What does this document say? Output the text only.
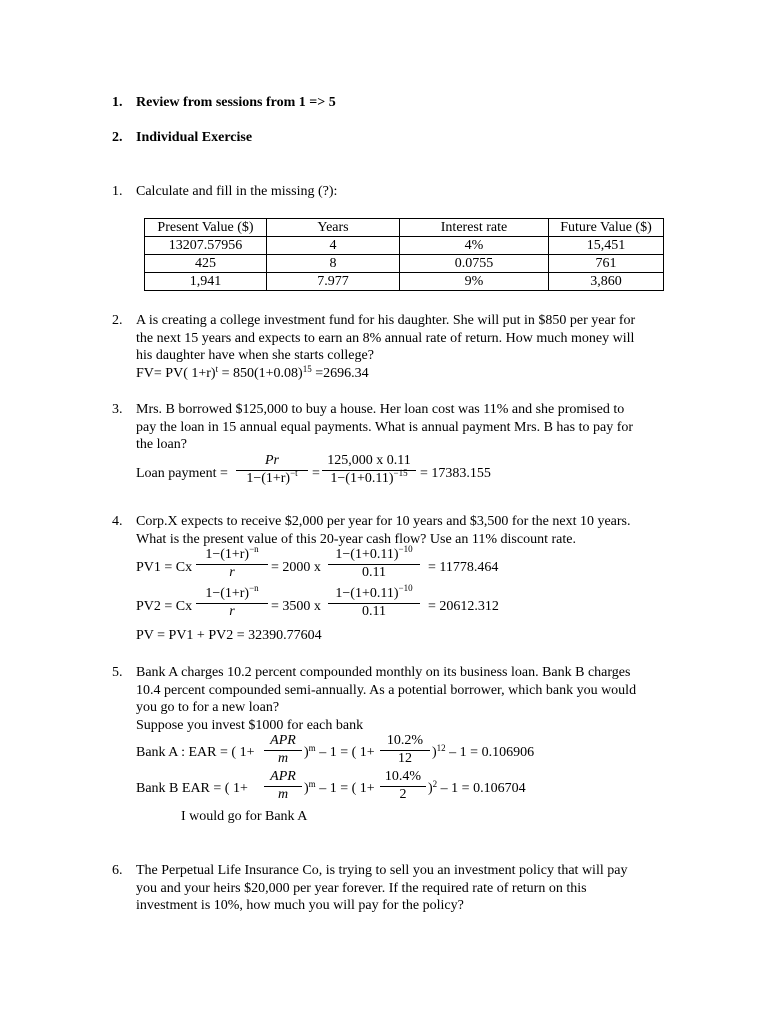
1. Review from sessions from 1 => 5
2. Individual Exercise
1. Calculate and fill in the missing (?):
Present Value ($)	Years	Interest rate	Future Value ($)
13207.57956	4	4%	15,451
425	8	0.0755	761
1,941	7.977	9%	3,860
2. A is creating a college investment fund for his daughter. She will put in $850 per year for
the next 15 years and expects to earn an 8% annual rate of return. How much money will
his daughter have when she starts college?
FV= PV( $1+r)^t = 850(1+0.08)^{15} =2696.34$
3. Mrs. B borrowed $125,000 to buy a house. Her loan cost was 11% and she promised to
pay the loan in 15 annual equal payments. What is annual payment Mrs. B has to pay for
the loan?
Loan payment =
Pr
$1-(1+r)^{-t}$	=
125,000 x 0.11
$1-(1+0.11)^{-15} = 17383.155$
4. Corp.X expects to receive $2,000 per year for 10 years and $3,500 for the next 10 years.
What is the present value of this 20-year cash flow? Use an 11% discount rate.
PV1 = Cx
$1-(1+r)^{-n}$
r	= 2000 x
$1-(1+0.11)^{-10}$
0.11	= 11778.464
PV2 = Cx
$1-(1+r)^{-n}$
r	= 3500 x
$1-(1+0.11)^{-10}$
0.11	= 20612.312
PV = PV1 + PV2 = 32390.77604
5. Bank A charges 10.2 percent compounded monthly on its business loan. Bank B charges
10.4 percent compounded semi-annually. As a potential borrower, which bank you would
you go to for a new loan?
Suppose you invest $1000 for each bank
Bank A : EAR = ( 1+
APR
m	)$^m$ – 1 = ( 1+
10.2%
12	)$^{12}$ – 1 = 0.106906
Bank B EAR = ( 1+
APR
m	)$^m$ – 1 = ( 1+
10.4%
2	)$^2$ – 1 = 0.106704
I would go for Bank A
6. The Perpetual Life Insurance Co, is trying to sell you an investment policy that will pay
you and your heirs $20,000 per year forever. If the required rate of return on this
investment is 10%, how much you will pay for the policy?
